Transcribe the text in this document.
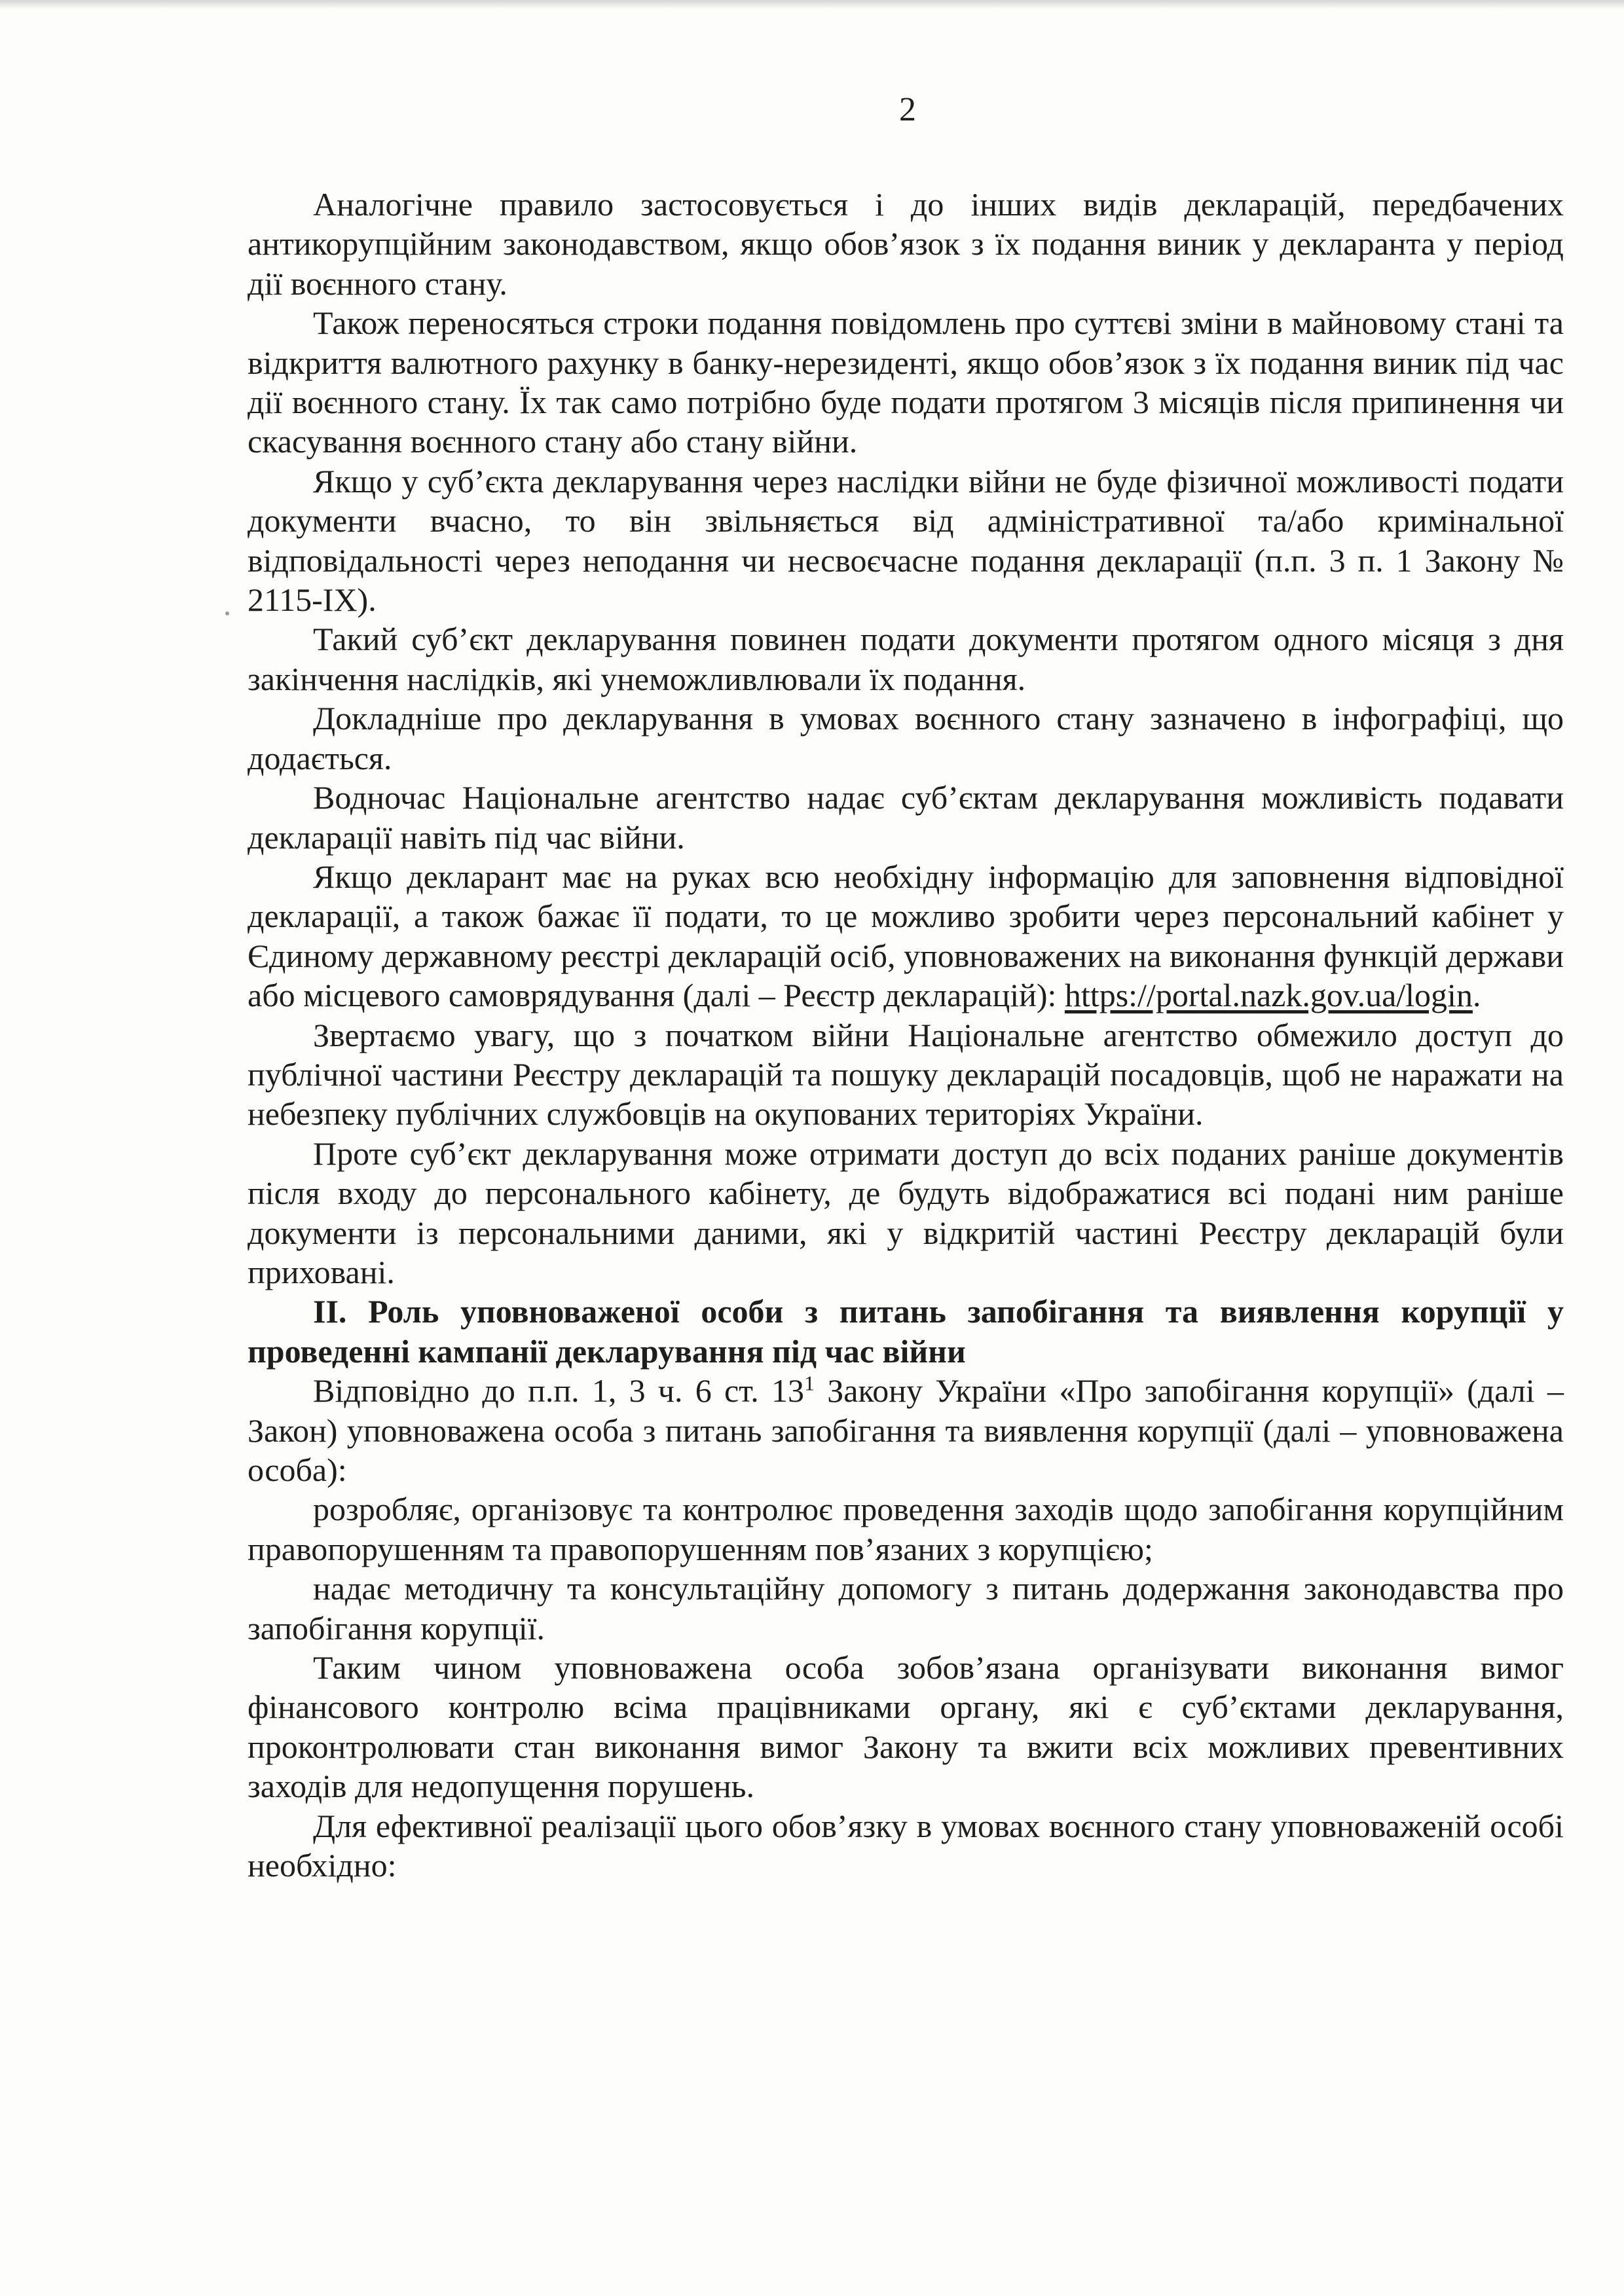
2

Аналогічне правило застосовується і до інших видів декларацій, передбачених антикорупційним законодавством, якщо обов’язок з їх подання виник у декларанта у період дії воєнного стану.

Також переносяться строки подання повідомлень про суттєві зміни в майновому стані та відкриття валютного рахунку в банку-нерезиденті, якщо обов’язок з їх подання виник під час дії воєнного стану. Їх так само потрібно буде подати протягом 3 місяців після припинення чи скасування воєнного стану або стану війни.

Якщо у суб’єкта декларування через наслідки війни не буде фізичної можливості подати документи вчасно, то він звільняється від адміністративної та/або кримінальної відповідальності через неподання чи несвоєчасне подання декларації (п.п. 3 п. 1 Закону № 2115-IX).

Такий суб’єкт декларування повинен подати документи протягом одного місяця з дня закінчення наслідків, які унеможливлювали їх подання.

Докладніше про декларування в умовах воєнного стану зазначено в інфографіці, що додається.

Водночас Національне агентство надає суб’єктам декларування можливість подавати декларації навіть під час війни.

Якщо декларант має на руках всю необхідну інформацію для заповнення відповідної декларації, а також бажає її подати, то це можливо зробити через персональний кабінет у Єдиному державному реєстрі декларацій осіб, уповноважених на виконання функцій держави або місцевого самоврядування (далі – Реєстр декларацій): https://portal.nazk.gov.ua/login.

Звертаємо увагу, що з початком війни Національне агентство обмежило доступ до публічної частини Реєстру декларацій та пошуку декларацій посадовців, щоб не наражати на небезпеку публічних службовців на окупованих територіях України.

Проте суб’єкт декларування може отримати доступ до всіх поданих раніше документів після входу до персонального кабінету, де будуть відображатися всі подані ним раніше документи із персональними даними, які у відкритій частині Реєстру декларацій були приховані.

ІІ. Роль уповноваженої особи з питань запобігання та виявлення корупції у проведенні кампанії декларування під час війни

Відповідно до п.п. 1, 3 ч. 6 ст. $13^1$ Закону України «Про запобігання корупції» (далі – Закон) уповноважена особа з питань запобігання та виявлення корупції (далі – уповноважена особа):

розробляє, організовує та контролює проведення заходів щодо запобігання корупційним правопорушенням та правопорушенням пов’язаних з корупцією;

надає методичну та консультаційну допомогу з питань додержання законодавства про запобігання корупції.

Таким чином уповноважена особа зобов’язана організувати виконання вимог фінансового контролю всіма працівниками органу, які є суб’єктами декларування, проконтролювати стан виконання вимог Закону та вжити всіх можливих превентивних заходів для недопущення порушень.

Для ефективної реалізації цього обов’язку в умовах воєнного стану уповноваженій особі необхідно:
